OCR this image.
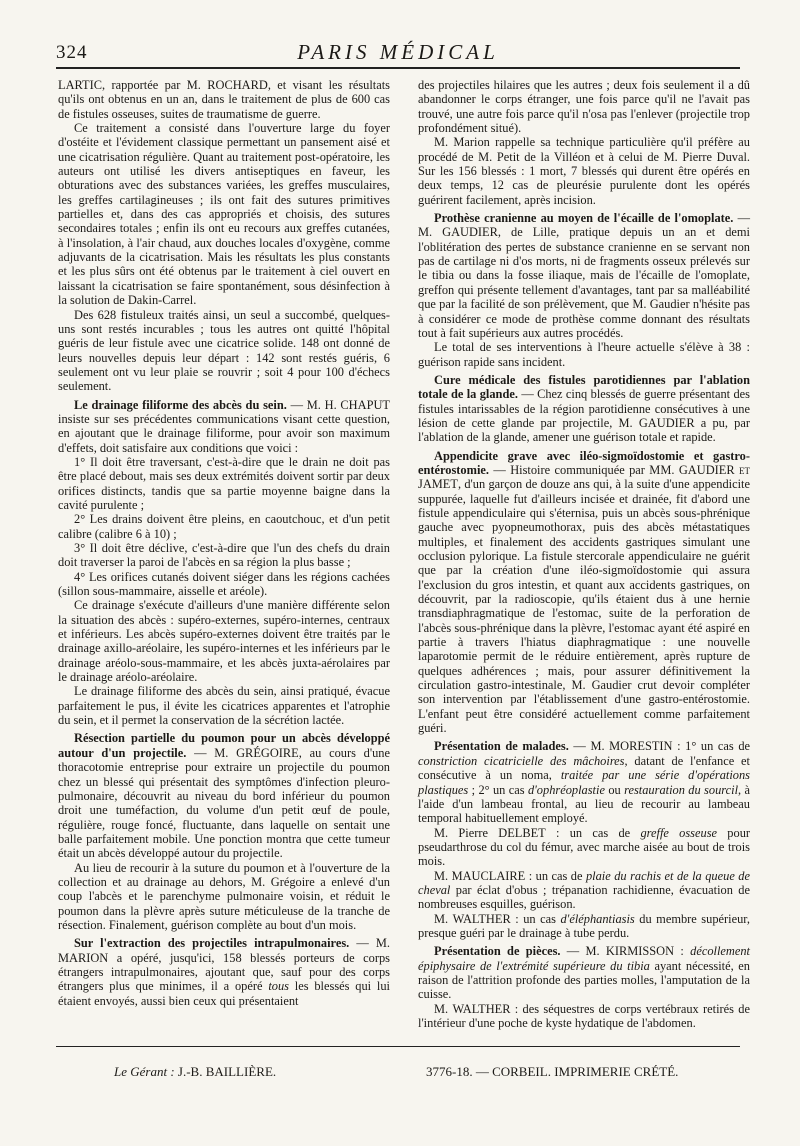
324	PARIS MÉDICAL

LARTIC, rapportée par M. ROCHARD, et visant les résultats qu'ils ont obtenus en un an, dans le traitement de plus de 600 cas de fistules osseuses, suites de traumatisme de guerre.

Ce traitement a consisté dans l'ouverture large du foyer d'ostéite et l'évidement classique permettant un pansement aisé et une cicatrisation régulière. Quant au traitement post-opératoire, les auteurs ont utilisé les divers antiseptiques en faveur, les obturations avec des substances variées, les greffes musculaires, les greffes cartilagineuses ; ils ont fait des sutures primitives partielles et, dans des cas appropriés et choisis, des sutures secondaires totales ; enfin ils ont eu recours aux greffes cutanées, à l'insolation, à l'air chaud, aux douches locales d'oxygène, comme adjuvants de la cicatrisation. Mais les résultats les plus constants et les plus sûrs ont été obtenus par le traitement à ciel ouvert en laissant la cicatrisation se faire spontanément, sous désinfection à la solution de Dakin-Carrel.

Des 628 fistuleux traités ainsi, un seul a succombé, quelques-uns sont restés incurables ; tous les autres ont quitté l'hôpital guéris de leur fistule avec une cicatrice solide. 148 ont donné de leurs nouvelles depuis leur départ : 142 sont restés guéris, 6 seulement ont vu leur plaie se rouvrir ; soit 4 pour 100 d'échecs seulement.

Le drainage filiforme des abcès du sein. — M. H. CHAPUT insiste sur ses précédentes communications visant cette question, en ajoutant que le drainage filiforme, pour avoir son maximum d'effets, doit satisfaire aux conditions que voici :

1° Il doit être traversant, c'est-à-dire que le drain ne doit pas être placé debout, mais ses deux extrémités doivent sortir par deux orifices distincts, tandis que sa partie moyenne baigne dans la cavité purulente ;

2° Les drains doivent être pleins, en caoutchouc, et d'un petit calibre (calibre 6 à 10) ;

3° Il doit être déclive, c'est-à-dire que l'un des chefs du drain doit traverser la paroi de l'abcès en sa région la plus basse ;

4° Les orifices cutanés doivent siéger dans les régions cachées (sillon sous-mammaire, aisselle et aréole).

Ce drainage s'exécute d'ailleurs d'une manière différente selon la situation des abcès : supéro-externes, supéro-internes, centraux et inférieurs. Les abcès supéro-externes doivent être traités par le drainage axillo-aréolaire, les supéro-internes et les inférieurs par le drainage aréolo-sous-mammaire, et les abcès juxta-aérolaires par le drainage aréolo-aréolaire.

Le drainage filiforme des abcès du sein, ainsi pratiqué, évacue parfaitement le pus, il évite les cicatrices apparentes et l'atrophie du sein, et il permet la conservation de la sécrétion lactée.

Résection partielle du poumon pour un abcès développé autour d'un projectile. — M. GRÉGOIRE, au cours d'une thoracotomie entreprise pour extraire un projectile du poumon chez un blessé qui présentait des symptômes d'infection pleuro-pulmonaire, découvrit au niveau du bord inférieur du poumon droit une tuméfaction, du volume d'un petit œuf de poule, régulière, rouge foncé, fluctuante, dans laquelle on sentait une balle parfaitement mobile. Une ponction montra que cette tumeur était un abcès développé autour du projectile.

Au lieu de recourir à la suture du poumon et à l'ouverture de la collection et au drainage au dehors, M. Grégoire a enlevé d'un coup l'abcès et le parenchyme pulmonaire voisin, et réduit le poumon dans la plèvre après suture méticuleuse de la tranche de résection. Finalement, guérison complète au bout d'un mois.

Sur l'extraction des projectiles intrapulmonaires. — M. MARION a opéré, jusqu'ici, 158 blessés porteurs de corps étrangers intrapulmonaires, ajoutant que, sauf pour des corps étrangers plus que minimes, il a opéré tous les blessés qui lui étaient envoyés, aussi bien ceux qui présentaient

des projectiles hilaires que les autres ; deux fois seulement il a dû abandonner le corps étranger, une fois parce qu'il ne l'avait pas trouvé, une autre fois parce qu'il n'osa pas l'enlever (projectile trop profondément situé).

M. Marion rappelle sa technique particulière qu'il préfère au procédé de M. Petit de la Villéon et à celui de M. Pierre Duval. Sur les 156 blessés : 1 mort, 7 blessés qui durent être opérés en deux temps, 12 cas de pleurésie purulente dont les opérés guérirent facilement, après incision.

Prothèse cranienne au moyen de l'écaille de l'omoplate. — M. GAUDIER, de Lille, pratique depuis un an et demi l'oblitération des pertes de substance cranienne en se servant non pas de cartilage ni d'os morts, ni de fragments osseux prélevés sur le tibia ou dans la fosse iliaque, mais de l'écaille de l'omoplate, greffon qui présente tellement d'avantages, tant par sa malléabilité que par la facilité de son prélèvement, que M. Gaudier n'hésite pas à considérer ce mode de prothèse comme donnant des résultats tout à fait supérieurs aux autres procédés.

Le total de ses interventions à l'heure actuelle s'élève à 38 : guérison rapide sans incident.

Cure médicale des fistules parotidiennes par l'ablation totale de la glande. — Chez cinq blessés de guerre présentant des fistules intarissables de la région parotidienne consécutives à une lésion de cette glande par projectile, M. GAUDIER a pu, par l'ablation de la glande, amener une guérison totale et rapide.

Appendicite grave avec iléo-sigmoïdostomie et gastro-entérostomie. — Histoire communiquée par MM. GAUDIER et JAMET, d'un garçon de douze ans qui, à la suite d'une appendicite suppurée, laquelle fut d'ailleurs incisée et drainée, fit d'abord une fistule appendiculaire qui s'éternisa, puis un abcès sous-phrénique gauche avec pyopneumothorax, puis des abcès métastatiques multiples, et finalement des accidents gastriques simulant une occlusion pylorique. La fistule stercorale appendiculaire ne guérit que par la création d'une iléo-sigmoïdostomie qui assura l'exclusion du gros intestin, et quant aux accidents gastriques, on découvrit, par la radioscopie, qu'ils étaient dus à une hernie transdiaphragmatique de l'estomac, suite de la perforation de l'abcès sous-phrénique dans la plèvre, l'estomac ayant été aspiré en partie à travers l'hiatus diaphragmatique : une nouvelle laparotomie permit de le réduire entièrement, après rupture de quelques adhérences ; mais, pour assurer définitivement la circulation gastro-intestinale, M. Gaudier crut devoir compléter son intervention par l'établissement d'une gastro-entérostomie. L'enfant peut être considéré actuellement comme parfaitement guéri.

Présentation de malades. — M. MORESTIN : 1° un cas de constriction cicatricielle des mâchoires, datant de l'enfance et consécutive à un noma, traitée par une série d'opérations plastiques ; 2° un cas d'ophréoplastie ou restauration du sourcil, à l'aide d'un lambeau frontal, au lieu de recourir au lambeau temporal habituellement employé.

M. Pierre DELBET : un cas de greffe osseuse pour pseudarthrose du col du fémur, avec marche aisée au bout de trois mois.

M. MAUCLAIRE : un cas de plaie du rachis et de la queue de cheval par éclat d'obus ; trépanation rachidienne, évacuation de nombreuses esquilles, guérison.

M. WALTHER : un cas d'éléphantiasis du membre supérieur, presque guéri par le drainage à tube perdu.

Présentation de pièces. — M. KIRMISSON : décollement épiphysaire de l'extrémité supérieure du tibia ayant nécessité, en raison de l'attrition profonde des parties molles, l'amputation de la cuisse.

M. WALTHER : des séquestres de corps vertébraux retirés de l'intérieur d'une poche de kyste hydatique de l'abdomen.

Le Gérant : J.-B. BAILLIÈRE.	3776-18. — CORBEIL. IMPRIMERIE CRÉTÉ.
